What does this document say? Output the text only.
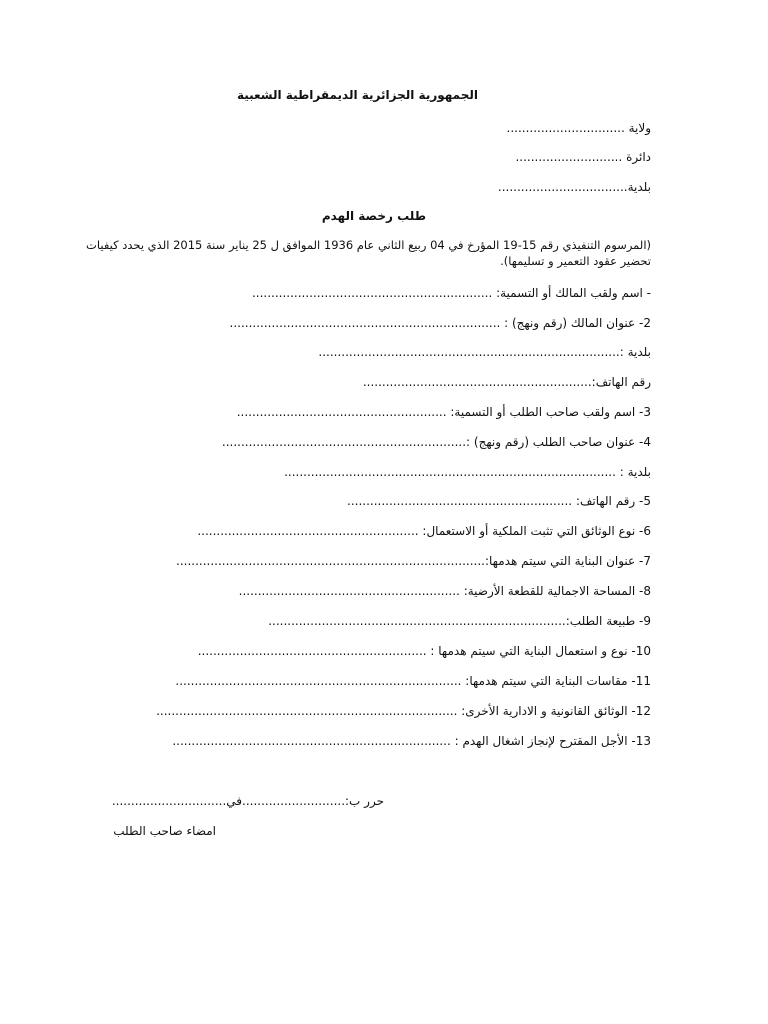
الجمهورية الجزائرية الديمقراطية الشعبية
ولاية ...............................
دائرة ............................
بلدية..................................
طلب رخصة الهدم
(المرسوم التنفيذي رقم 15-19 المؤرخ في 04 ربيع الثاني عام 1936 الموافق ل 25 يناير سنة 2015 الذي يحدد كيفيات
تحضير عقود التعمير و تسليمها).
- اسم ولقب المالك أو التسمية: ...............................................................
2- عنوان المالك (رقم ونهج) : .......................................................................
بلدية :...............................................................................
رقم الهاتف:............................................................
3- اسم ولقب صاحب الطلب أو التسمية: .......................................................
4- عنوان صاحب الطلب (رقم ونهج) :................................................................
بلدية : .......................................................................................
5- رقم الهاتف: ...........................................................
6- نوع الوثائق التي تثبت الملكية أو الاستعمال: ..........................................................
7- عنوان البناية التي سيتم هدمها:.................................................................................
8- المساحة الاجمالية للقطعة الأرضية: ..........................................................
9- طبيعة الطلب:..............................................................................
10- نوع و استعمال البناية التي سيتم هدمها : ............................................................
11- مقاسات البناية التي سيتم هدمها: ...........................................................................
12- الوثائق القانونية و الادارية الأخرى: ...............................................................................
13- الأجل المقترح لإنجاز اشغال الهدم : .........................................................................
حرر ب:...........................في..............................
امضاء صاحب الطلب
